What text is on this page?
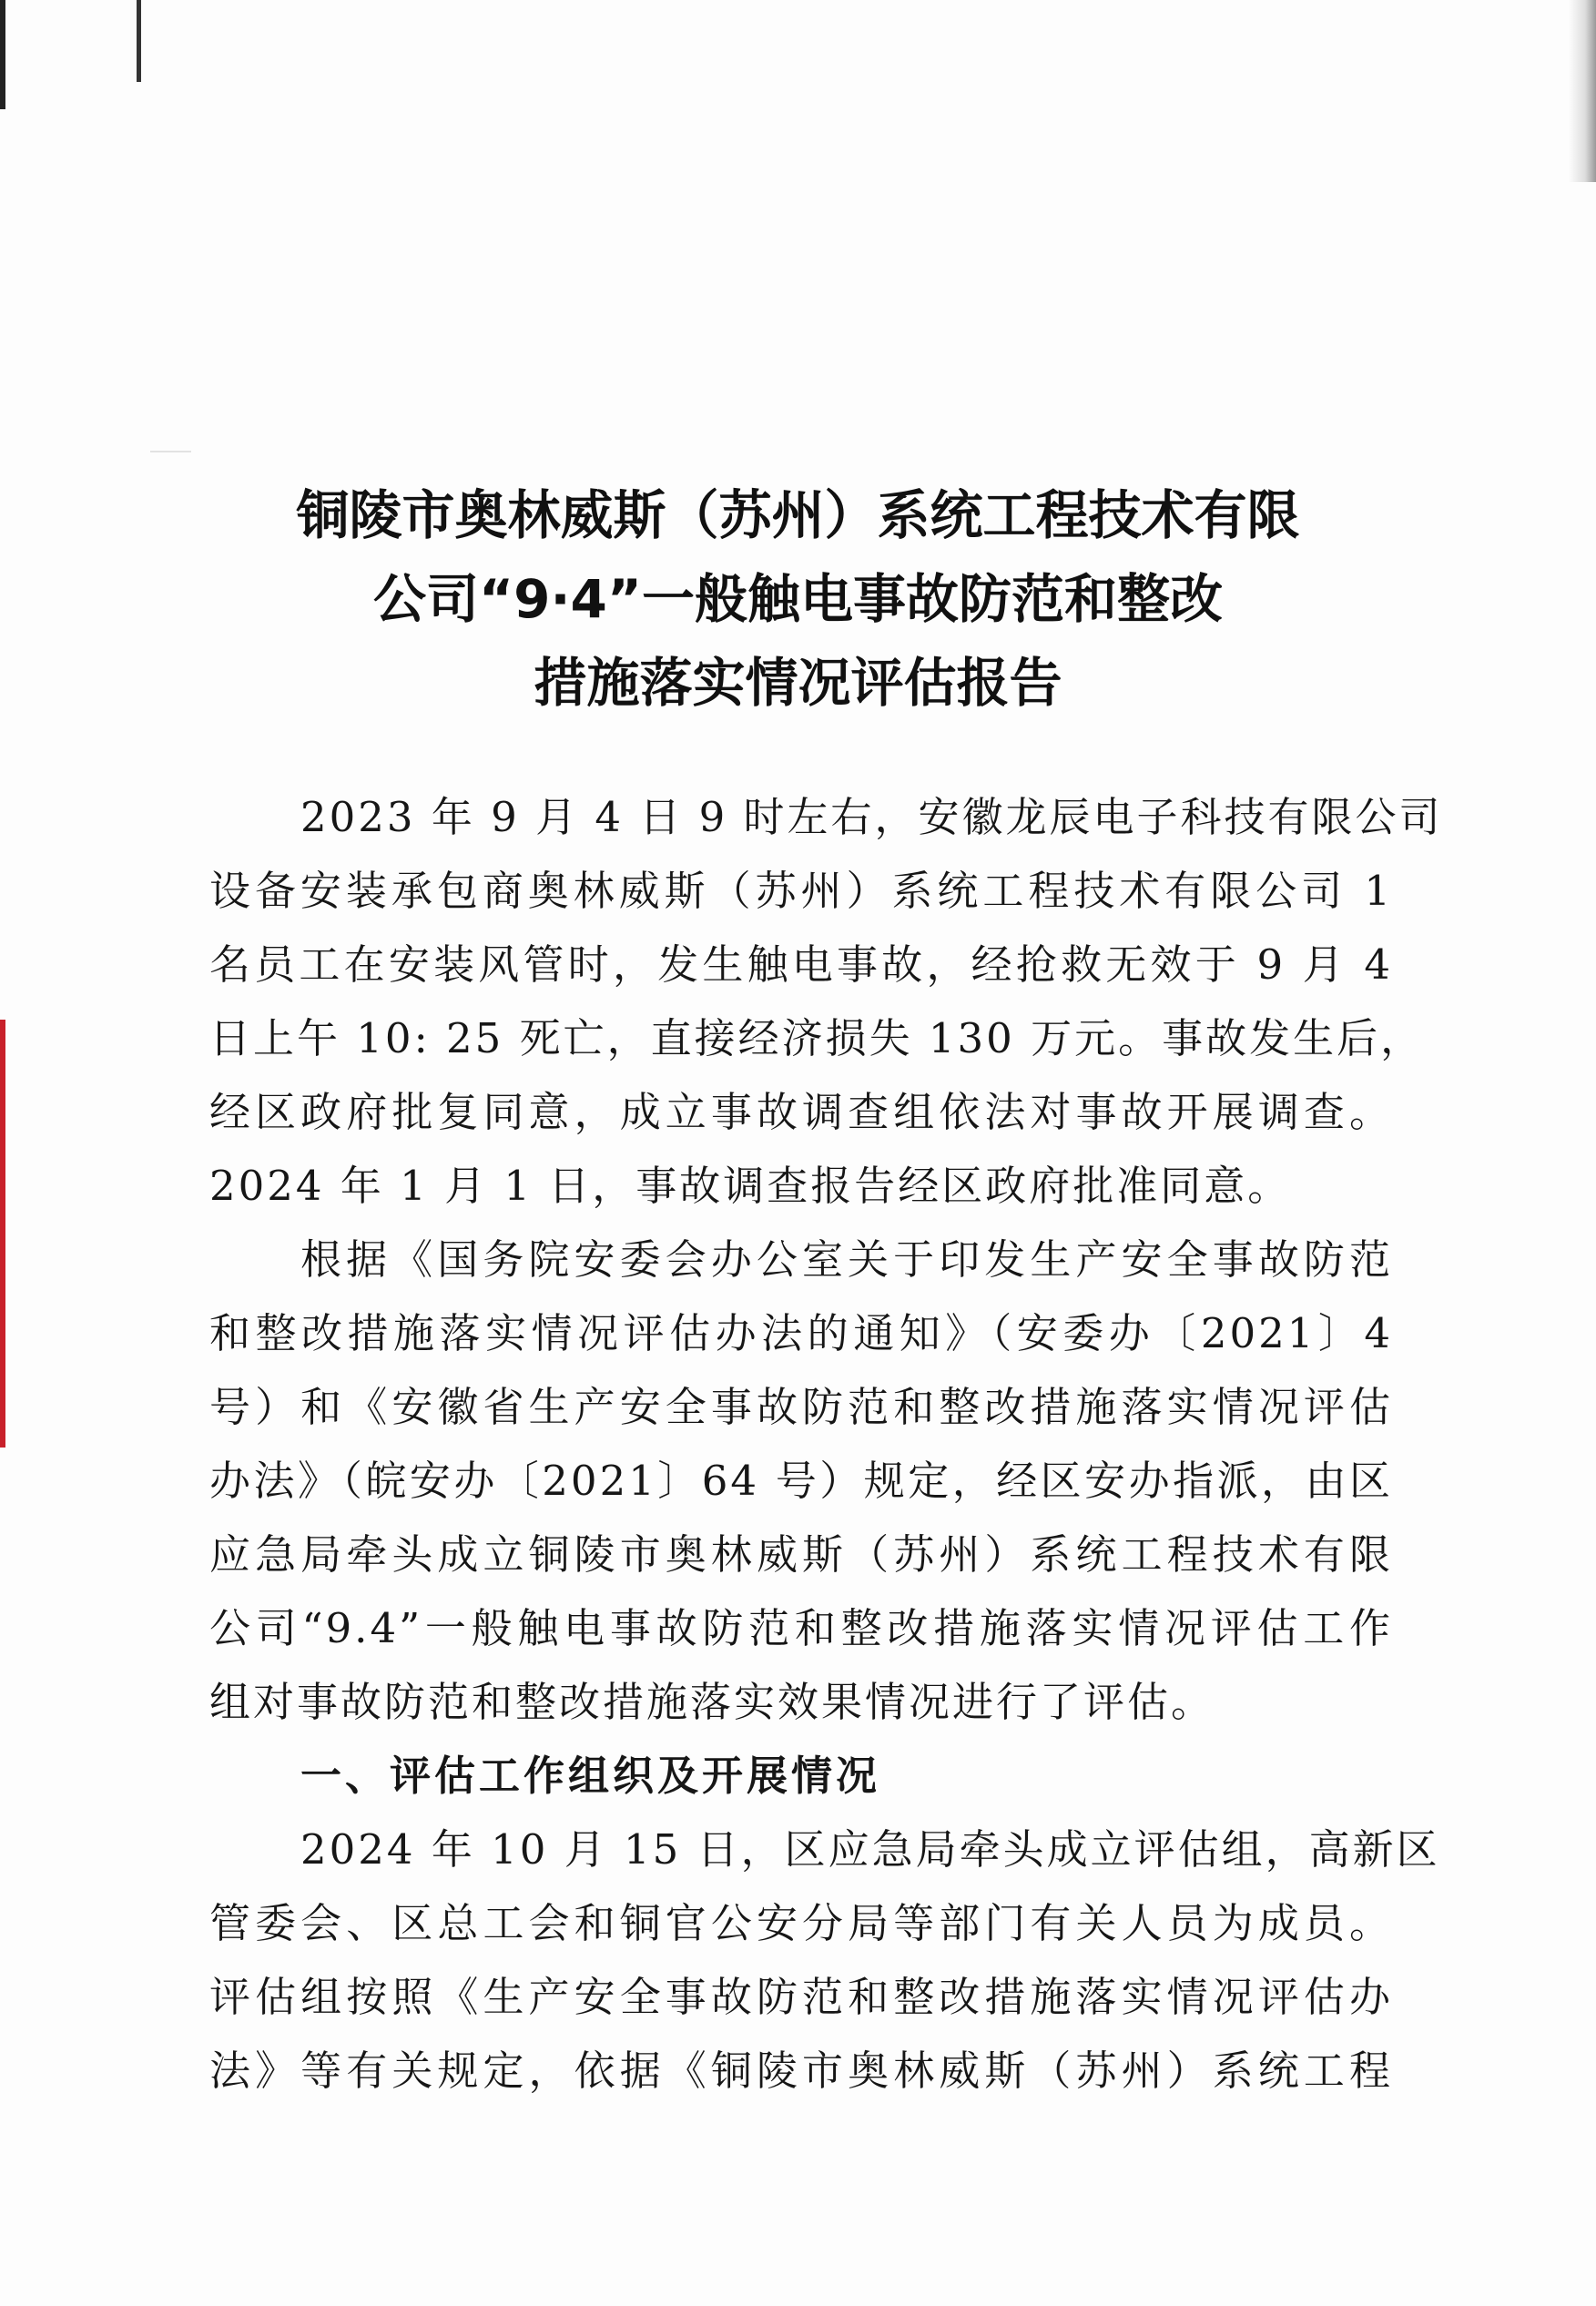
铜陵市奥林威斯（苏州）系统工程技术有限
公司“9·4”一般触电事故防范和整改
措施落实情况评估报告
2023 年 9 月 4 日 9 时左右，安徽龙辰电子科技有限公司
设备安装承包商奥林威斯（苏州）系统工程技术有限公司 1
名员工在安装风管时，发生触电事故，经抢救无效于 9 月 4
日上午 10: 25 死亡，直接经济损失 130 万元。事故发生后，
经区政府批复同意，成立事故调查组依法对事故开展调查。
2024 年 1 月 1 日，事故调查报告经区政府批准同意。
根据《国务院安委会办公室关于印发生产安全事故防范
和整改措施落实情况评估办法的通知》（安委办〔2021〕4
号）和《安徽省生产安全事故防范和整改措施落实情况评估
办法》（皖安办〔2021〕64 号）规定，经区安办指派，由区
应急局牵头成立铜陵市奥林威斯（苏州）系统工程技术有限
公司“9.4”一般触电事故防范和整改措施落实情况评估工作
组对事故防范和整改措施落实效果情况进行了评估。
一、评估工作组织及开展情况
2024 年 10 月 15 日，区应急局牵头成立评估组，高新区
管委会、区总工会和铜官公安分局等部门有关人员为成员。
评估组按照《生产安全事故防范和整改措施落实情况评估办
法》等有关规定，依据《铜陵市奥林威斯（苏州）系统工程
